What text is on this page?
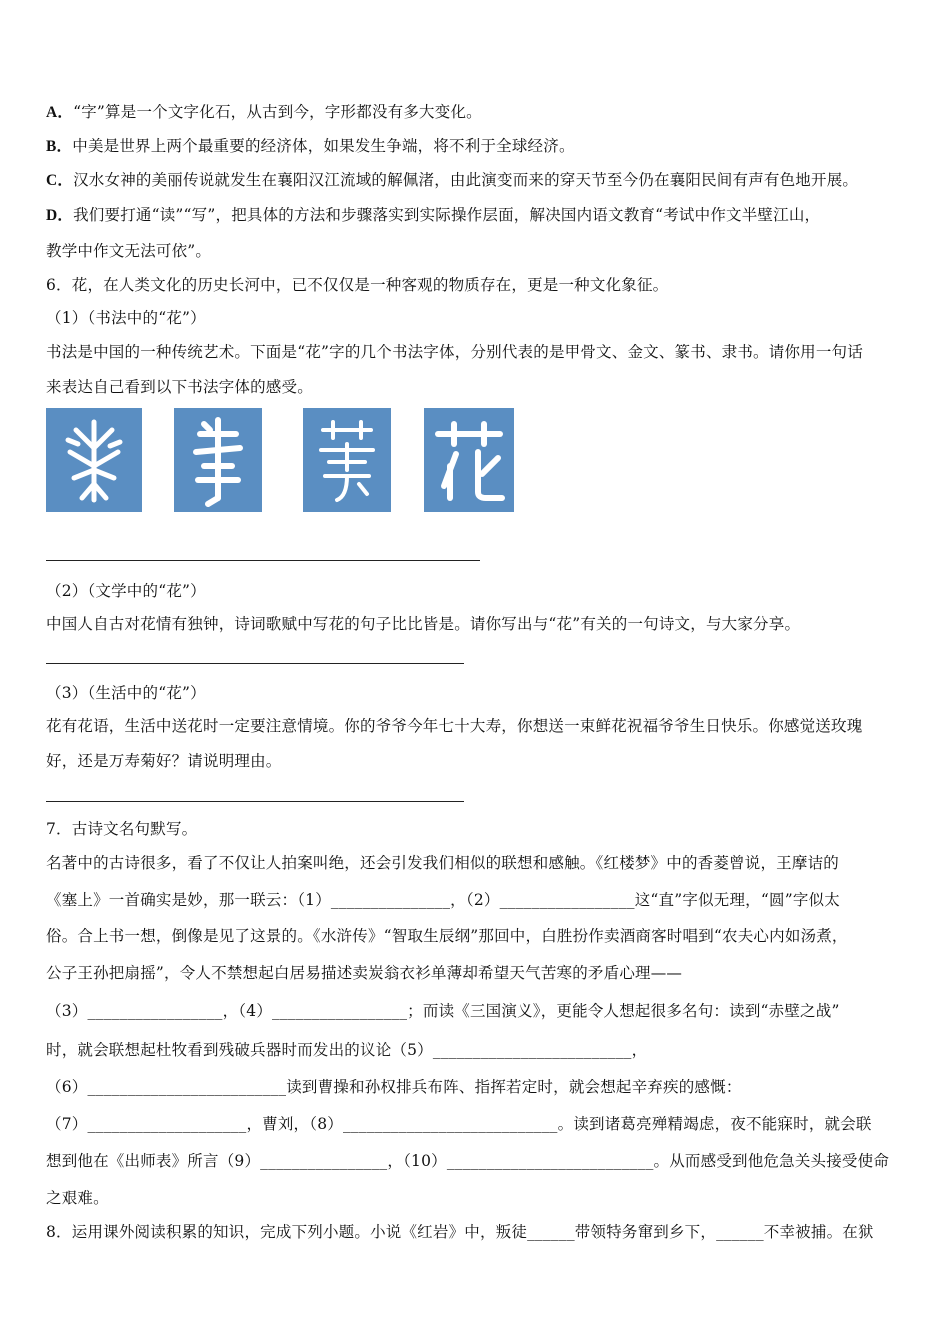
A．“字”算是一个文字化石，从古到今，字形都没有多大变化。
B．中美是世界上两个最重要的经济体，如果发生争端，将不利于全球经济。
C．汉水女神的美丽传说就发生在襄阳汉江流域的解佩渚，由此演变而来的穿天节至今仍在襄阳民间有声有色地开展。
D．我们要打通“读”“写”，把具体的方法和步骤落实到实际操作层面，解决国内语文教育“考试中作文半壁江山，
教学中作文无法可依”。
6．花，在人类文化的历史长河中，已不仅仅是一种客观的物质存在，更是一种文化象征。
（1）（书法中的“花”）
书法是中国的一种传统艺术。下面是“花”字的几个书法字体，分别代表的是甲骨文、金文、篆书、隶书。请你用一句话
来表达自己看到以下书法字体的感受。
（2）（文学中的“花”）
中国人自古对花情有独钟，诗词歌赋中写花的句子比比皆是。请你写出与“花”有关的一句诗文，与大家分享。
（3）（生活中的“花”）
花有花语，生活中送花时一定要注意情境。你的爷爷今年七十大寿，你想送一束鲜花祝福爷爷生日快乐。你感觉送玫瑰
好，还是万寿菊好？请说明理由。
7．古诗文名句默写。
名著中的古诗很多，看了不仅让人拍案叫绝，还会引发我们相似的联想和感触。《红楼梦》中的香菱曾说，王摩诘的
《塞上》一首确实是妙，那一联云：（1）_______________，（2）_________________这“直”字似无理，“圆”字似太
俗。合上书一想，倒像是见了这景的。《水浒传》“智取生辰纲”那回中，白胜扮作卖酒商客时唱到“农夫心内如汤煮，
公子王孙把扇摇”，令人不禁想起白居易描述卖炭翁衣衫单薄却希望天气苦寒的矛盾心理——
（3）_________________，（4）_________________；而读《三国演义》，更能令人想起很多名句：读到“赤壁之战”
时，就会联想起杜牧看到残破兵器时而发出的议论（5）_________________________，
（6）_________________________读到曹操和孙权排兵布阵、指挥若定时，就会想起辛弃疾的感慨：
（7）____________________，曹刘，（8）___________________________。读到诸葛亮殚精竭虑，夜不能寐时，就会联
想到他在《出师表》所言（9）________________，（10）__________________________。从而感受到他危急关头接受使命
之艰难。
8．运用课外阅读积累的知识，完成下列小题。小说《红岩》中，叛徒______带领特务窜到乡下，______不幸被捕。在狱
